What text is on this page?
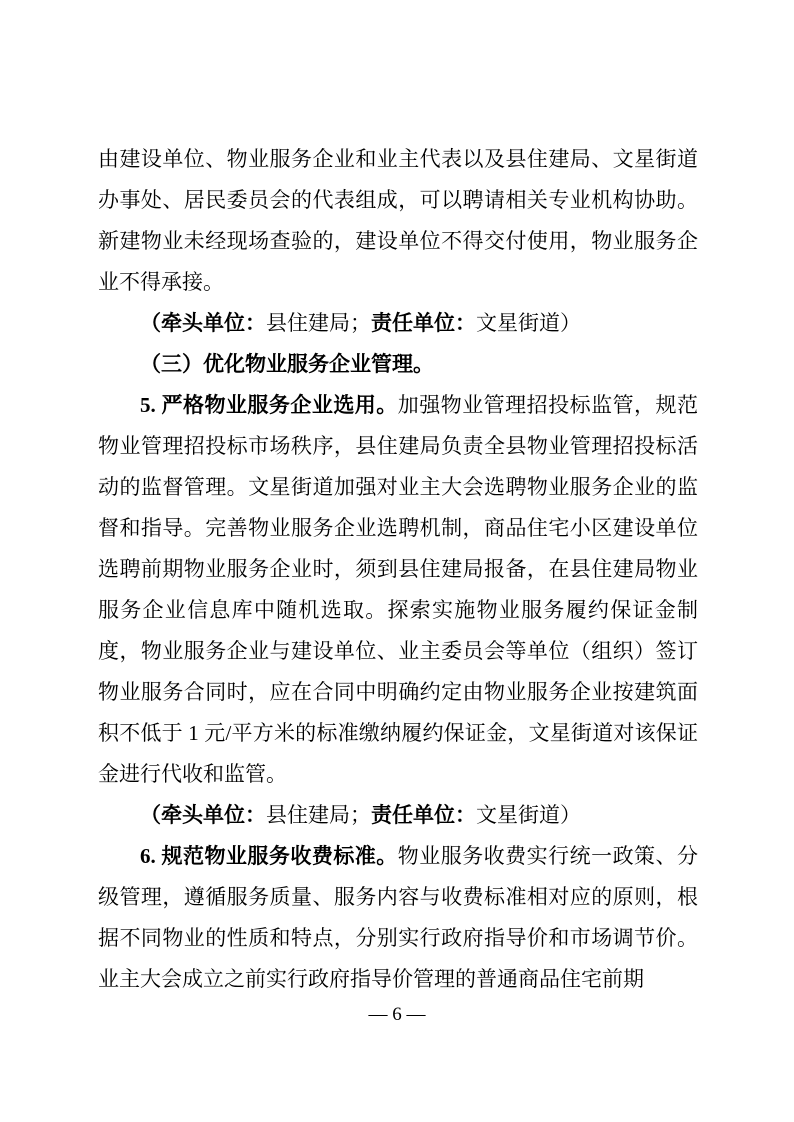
由建设单位、物业服务企业和业主代表以及县住建局、文星街道办事处、居民委员会的代表组成，可以聘请相关专业机构协助。新建物业未经现场查验的，建设单位不得交付使用，物业服务企业不得承接。

（牵头单位：县住建局；责任单位：文星街道）

（三）优化物业服务企业管理。

5. 严格物业服务企业选用。加强物业管理招投标监管，规范物业管理招投标市场秩序，县住建局负责全县物业管理招投标活动的监督管理。文星街道加强对业主大会选聘物业服务企业的监督和指导。完善物业服务企业选聘机制，商品住宅小区建设单位选聘前期物业服务企业时，须到县住建局报备，在县住建局物业服务企业信息库中随机选取。探索实施物业服务履约保证金制度，物业服务企业与建设单位、业主委员会等单位（组织）签订物业服务合同时，应在合同中明确约定由物业服务企业按建筑面积不低于 1 元/平方米的标准缴纳履约保证金，文星街道对该保证金进行代收和监管。

（牵头单位：县住建局；责任单位：文星街道）

6. 规范物业服务收费标准。物业服务收费实行统一政策、分级管理，遵循服务质量、服务内容与收费标准相对应的原则，根据不同物业的性质和特点，分别实行政府指导价和市场调节价。业主大会成立之前实行政府指导价管理的普通商品住宅前期

— 6 —
